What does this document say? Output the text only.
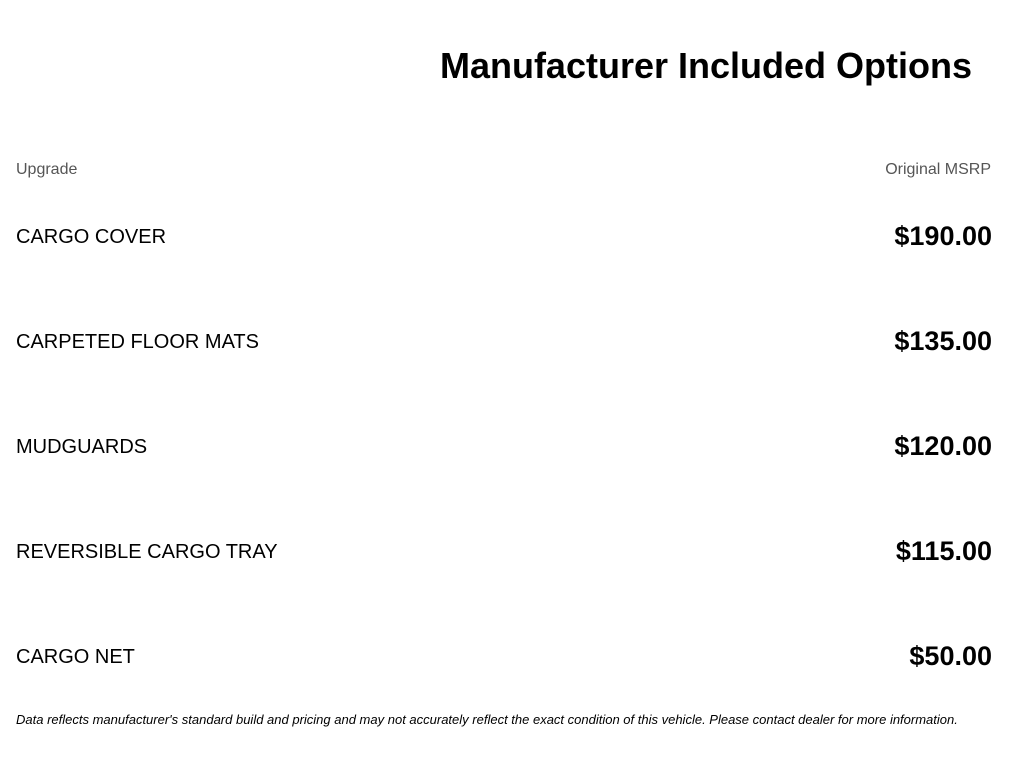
Manufacturer Included Options
Upgrade	Original MSRP
CARGO COVER	$190.00
CARPETED FLOOR MATS	$135.00
MUDGUARDS	$120.00
REVERSIBLE CARGO TRAY	$115.00
CARGO NET	$50.00
Data reflects manufacturer's standard build and pricing and may not accurately reflect the exact condition of this vehicle. Please contact dealer for more information.
